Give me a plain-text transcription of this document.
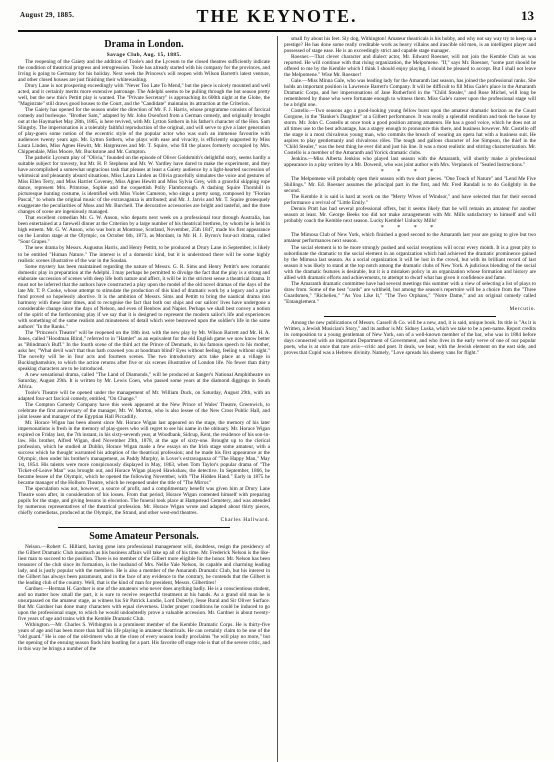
August 29, 1885.	THE KEYNOTE.	13
Drama in London.
Savage Club, Aug. 15, 1885.

The reopening of the Gaiety and the addition of Toole's and the Lyceum to the closed theatres sufficiently indicate the condition of theatrical progress and retrogression. Toole has already started with his company for the provinces, and Irving is going to Germany for his holiday. Next week the Princess's will reopen with Wilson Barrett's latest venture, and other closed houses are just finishing their whitewashing.

Drury Lane is not prospering exceedingly with "Never Too Late To Mend," but the piece is nicely mounted and well acted, and it certainly merits more extensive patronage. The Adelphi seems to be pulling through the hot season pretty well, but the new this's Pettitt play is wanted. The "Private Secretary" is approaching its 600th night at the Globe, the "Magistrate" still draws good houses to the Court, and the "Candidate" maintains its attraction at the Criterion.

The Gaiety has opened for the season under the direction of Mr. F. J. Harris, whose programme consists of farcical comedy and burlesque. "Brother Sam," adapted by Mr. John Oxenford from a German comedy, and originally brought out at the Haymarket May 28th, 1865, is here revived, with Mr. Lytton Sothern in his father's character of the Hon. Sam Slingsby. The impersonation is a tolerably faithful reproduction of the original, and will serve to give a later generation of play-goers some notion of the eccentric style of the popular actor who was such an immense favourite with audiences twenty years ago. Mr. Lytton Sothern, who plays with ease and vivacity, is efficiently supported by Miss Laura Linden, Miss Agnes Hewitt, Mr. Hargreaves and Mr. T. Squire, who fill the places formerly occupied by Mrs. Chippendale, Miss Moore, Mr. Buckstone and Mr. Compton.

The pathetic Lyceum play of "Olivia," founded on the episode of Oliver Goldsmith's delightful story, seems hardly a suitable subject for travesty, but Mr. H. P. Stephens and Mr. W. Yardley have dared to make the experiment, and they have accomplished a somewhat ungracious task that pleases at least a Gaiety audience by a light-hearted succession of whimsical and pleasantly absurd situations. Miss Laura Linden as Olivia gracefully simulates the voice and gestures of Miss Ellen Terry, and Miss Harriet Coveney, Miss Agnes Hewitt and Miss Sylvia Grey, with a graceful skipping rope dance, represent Mrs. Primrose, Sophie and the coquettish Polly Flamborough. A dashing Squire Thornhill in picturesque hunting costume, is identified with Miss Violet Cameron, who sings a pretty song, composed by "Florian Pascal," to whom the original music of the extravaganza is attributed; and Mr. J. Jarvis and Mr. T. Squire grotesquely exaggerate the peculiarities of Moss and Mr. Burchell. The decorative accessories are bright and tasteful, and the three changes of scene are ingeniously managed.

That excellent comedian Mr. G. W. Anson, who departs next week on a professional tour through Australia, has been entertained at a farewell dinner at the Criterion by a large number of his theatrical brethren, by whom he is held in high esteem. Mr. G. W. Anson, who was born at Montrose, Scotland, November, 25th 1847, made his first appearance on the London stage at the Olympic, on October 6th, 1873, as Mordant, in Mr. H. J. Byron's four-act drama, called "Sour Grapes."

The new drama by Messrs. Augustus Harris, and Henry Pettitt, to be produced at Drury Lane in September, is likely to be entitled "Human Nature." The interest is of a domestic kind, but it is understood there will be some highly realistic scenes illustrative of the war in the Soudan.

Some mystery has been maintained regarding the nature of Messrs. G. R. Sims and Henry Pettitt's new romantic domestic play in preparation at the Adelphi. I may perhaps be permitted to divulge the fact that the play is a strong and elaborate succession of scenes with deep life both nature and affect, it will be in the strictest sense a theatrical drama. It must not be inferred that the authors have constructed a play upon the model of the old novel dramas of the days of the late Mr. T. P. Cooke, whose attempt to stimulate the production of this kind of dramatic work by a legacy and a prize fund proved so hopelessly abortive. It is the ambition of Messrs. Sims and Pettitt to bring the nautical drama into harmony with these later times, and to recognise the fact that both our ships and our sailors' lives have undergone a considerable change since the days of Nelson, and even of Benbow and Napier. Perhaps we shall best convey a notion of the spirit of the forthcoming play if we say that it is designed to represent the modern sailor's life and experiences with something of the same realism and minuteness of detail which were bestowed upon the soldier's life in the same authors' "In the Ranks."

The "Princess's Theatre" will be reopened on the 18th inst. with the new play by Mr. Wilson Barrett and Mr. H. A. Jones, called "Hoodman Blind," referred to in "Hamlet" as an equivalent for the old English game we now know better as "Blindman's Buff." In the fourth scene of the third act the Prince of Denmark, in his famous speech to his mother, asks her, "What devil was't that thus hath cozened you at hoodman blind? Eyes without feeling, feeling without sight." The novelty will be in four acts and fourteen scenes. The two introductory acts take place at a village in Buckinghamshire, to which the action returns after five or six scenes illustrative of London life. No fewer than thirty speaking characters are to be introduced.

A new sensational drama, called "The Land of Diamonds," will be produced at Sanger's National Amphitheatre on Saturday, August 29th. It is written by Mr. Lewis Coen, who passed some years at the diamond diggings in South Africa.

Toole's Theatre will be opened under the management of Mr. William Duck, on Saturday, August 29th, with an adapted four-act farcical comedy, entitled, "On Change."

The Compton Comedy Company have this week appeared at the New Prince of Wales' Theatre, Greenwich, to celebrate the first anniversary of the manager, Mr. W. Morton, who is also lessee of the New Cross Public Hall, and joint lessee and manager of the Egyptian Hall Piccadilly.

Mr. Horace Wigan has been absent since Mr. Horace Wigan last appeared on the stage, the memory of his later impersonations is fresh in the memory of play-goers who will regret to see his name in the obituary. Mr. Horace Wigan expired on Friday last, the 7th instant, in his sixty-seventh year, at Woodbank, Sidcup, Kent, the residence of his son-in-law. His brother, Alfred Wigan, died November 29th, 1878, at the age of sixty-one. Brought up to the clerical profession, which he studied at Dublin, Horace Wigan made a few essays on the Irish stage some amateur, with a success which he thought warranted his adoption of the theatrical profession; and he made his first appearance at the Olympic, then under his brother's management, as Paddy Murphy, in Lover's extravaganza of "The Happy Man," May 1st, 1854. His talents were more conspicuously displayed in May, 1863, when Tom Taylor's popular drama of "The Ticket-of-Leave Man" was brought out, and Horace Wigan played Hawkshaw, the detective. In September, 1866, he became lessee of the Olympic, which he opened the following November, with "The Hidden Hand." Early in 1875 he became manager of the Holborn Theatre, which he reopened under the title of "The Mirror."

The speculation was not, however, a source of profit, and a complimentary benefit was given him at Drury Lane Theatre soon after, in consideration of his losses. From that period, Horace Wigan contented himself with preparing pupils for the stage, and giving lessons in elocution. The funeral took place at Hampstead Cemetery, and was attended by numerous representatives of the theatrical profession. Mr. Horace Wigan wrote and adapted about thirty pieces, chiefly comedietas, produced at the Olympic, the Strand, and other west-end theatres.

Charles Hallward.
Some Amateur Personals.

Nelson.—Robert C. Hilliard, having gone into professional management will, doubtless, resign the presidency of the Gilbert Dramatic Club inasmuch as his business affairs will take up all of his time. Mr. Frederick Nelson is the like-liest man to succeed to the position. There is no member of the Gilbert more eligible for the honor. Mr. Nelson has been treasurer of the club since its formation, is the husband of Mrs. Nellie Yale Nelson, its capable and charming leading lady, and is justly popular with the members. He is also a member of the Amaranth Dramatic Club, but his interest in the Gilbert has always been paramount, and in the face of any evidence to the contrary, he contends that the Gilbert is the leading club of the country. Well, that is the kind of man for president, Messrs. Gilbertites!

Gardner.—Herman H. Gardner is one of the amateurs who never does anything badly. He is a conscientious student, and no matter how small the part, it is sure to receive respectful treatment at his hands. As a grand old man he is unsurpassed on the amateur stage, as witness his Sir Patrick Lundie, Lord Duberly, Jesse Rural and Sir Oliver Surface. But Mr. Gardner has done many characters with equal cleverness. Under proper conditions he could be induced to go upon the professional stage, to which he would undoubtedly prove a valuable accession. Mr. Gardner is about twenty-five years of age and trains with the Kemble Dramatic Club.

Withington.—Mr. Charles S. Withington is a prominent member of the Kemble Dramatic Corps. He is thirty-five years of age and has been more than half his life playing in amateur theatricals. He can certainly claim to be one of the "old guard." He is one of the old-timers who at the close of every season loudly proclaims "he will play no more," but the opening of the ensuing season finds him hustling for a part. His favorite off stage role is that of the severe critic, and in this way he brings a number of the

small fry about his feet. Sly dog, Withington! Amateur theatricals is his hobby, and why not say way try to keep up a prestige? He has done some really creditable work as heavy villains and irascible old men, is an intelligent player and possessed of stage ease. He is an exceedingly strict and capable stage manager.

Roesner.—That clever character and dialect actor, Mr. Edward Roesner, will not join the Kemble Club as was reported. He will continue with that rising organization, the Melpomene. "If," says Mr. Roesner, "some part should be offered to me by the Kemble which I think I should enjoy playing, I should be pleased to accept. But I shall not leave the Melpomene." Wise Mr. Roesner!

Gale.—Miss Minna Gale, who was leading lady for the Amaranth last season, has joined the professional ranks. She holds an important position in Lawrence Barrett's Company. It will be difficult to fill Miss Gale's place in the Amaranth Dramatic Corps, and her impersonations of Jane Rutherford in the "Child Stealer," and Rose Michel, will long be remembered by those who were fortunate enough to witness them. Miss Gale's career upon the professional stage will be a bright one.

Costello.—Two seasons ago a good-looking young fellow burst upon the amateur dramatic horizon as the Count Gorgone, in the "Banker's Daughter" at a Gilbert performance. It was really a splendid rendition and took the house by storm. Mr. John C. Costello at once took a good position among amateurs. He has a good voice, which he does not at all times use to the best advantage, has a stagey enough to pronounce this there, and business however. Mr. Costello off the stage is a most chivalrous young man, who commits the breach of wearing an opera hat with a business suit. He aspires to play gentlemanly and chivalrous rôles. The tough and gallous character of Joe Simpson, the thief in the "Child Stealer," was the best thing he ever did and just his line. It was a most realistic and stirring characterization. Mr. Costello is a member of the Amaranth and Yorick dramatic clubs.

Jenkins.—Miss Alberta Jenkins who played last season with the Amaranth, will shortly make a professional appearance in a play written by a Mr. Dowenil, who was joint author with Mrs. Verplanck of "Sealed Instructions."

* * * *

The Melpomene will probably open their season with two short pieces. "One Touch of Nature" and "Lend Me Five Shillings." Mr. Ed. Roesner assumes the principal part in the first, and Mr. Fred Randall is to do Golightly in the second.

The Kemble it is said is hard at work on the "Merry Wives of Windsor," and have selected that for their second performance a revival of "Little Emily."

Dennis Pratt has had several professional offers, but it seems likely that he will remain an amateur for another season at least. Mr. George Beeks too did not make arrangements with Mr. Mills satisfactory to himself and will probably coach the Kemble next season. Lucky Kemble! Unlucky Mills!

* * * *

The Mimosa Club of New York, which finished a good second to the Amaranth last year are going to give but two amateur performances next season.

The social element is to be more strongly pushed and social receptions will occur every month. It is a great pity to subordinate the dramatic to the social element in an organization which had achieved the dramatic prominence gained by the Mimosa last season. As a social organization it will be lost in the crowd, but with its brilliant record of last season it was likely to stand at the top notch among the dramatic clubs of New York. A judicious blending of the social with the dramatic features is desirable, but it is a mistaken policy in an organization whose formation and history are allied with dramatic efforts and achievements, to attempt to dwarf what has given it confidence and fame.

The Amaranth dramatic committee have had several meetings this summer with a view of selecting a list of plays to draw from. Some of the best "cards" are withheld, but among the season's repertoire will be a choice from the "Three Guardsmen," "Richelieu," "As You Like It," "The Two Orphans," "Notre Dame," and an original comedy called "Entanglement."

Mercutio.

Among the new publications of Messrs. Cassell & Co. will be a new, and, it is said, unique book. Its title is "As it is Written, a Jewish Musician's Story," and its author is Mr. Sidney Luska, which we take to be a pen-name. Report credits its composition to a young gentleman of New York, son of a well-known member of the bar, who was in 1884 before days connected with an important Department of Government, and who lives in the early verve of one of our popular poets, who is at once that rare avis—critic and poet. It deals, we hear, with the Jewish element on the east side, and proves that Cupid was a Hebrew divinity. Namely, "Love spreads his sheeny vans for flight."
